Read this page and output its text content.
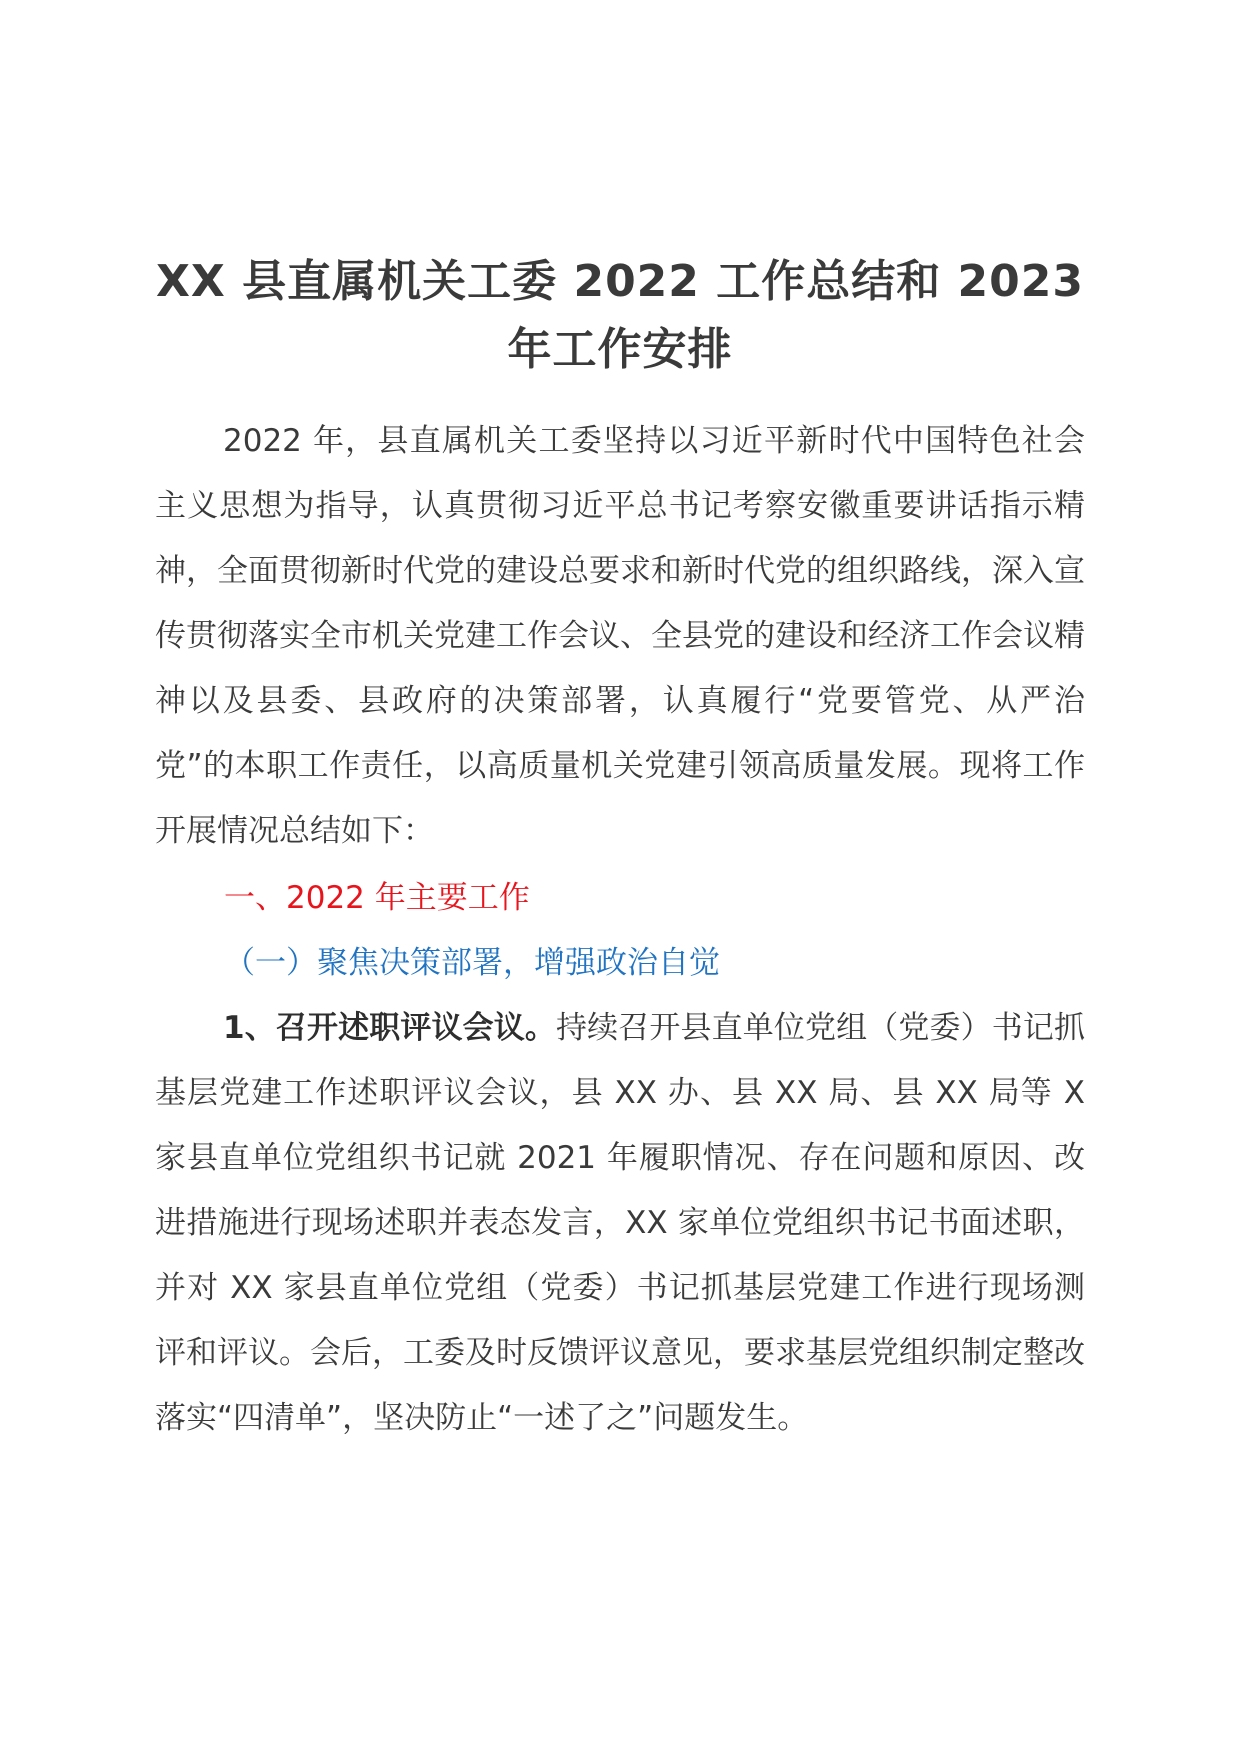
XX 县直属机关工委 2022 工作总结和 2023 年工作安排
2022 年，县直属机关工委坚持以习近平新时代中国特色社会主义思想为指导，认真贯彻习近平总书记考察安徽重要讲话指示精神，全面贯彻新时代党的建设总要求和新时代党的组织路线，深入宣传贯彻落实全市机关党建工作会议、全县党的建设和经济工作会议精神以及县委、县政府的决策部署，认真履行“党要管党、从严治党”的本职工作责任，以高质量机关党建引领高质量发展。现将工作开展情况总结如下：
一、2022 年主要工作
（一）聚焦决策部署，增强政治自觉
1、召开述职评议会议。持续召开县直单位党组（党委）书记抓基层党建工作述职评议会议，县 XX 办、县 XX 局、县 XX 局等 X 家县直单位党组织书记就 2021 年履职情况、存在问题和原因、改进措施进行现场述职并表态发言，XX 家单位党组织书记书面述职，并对 XX 家县直单位党组（党委）书记抓基层党建工作进行现场测评和评议。会后，工委及时反馈评议意见，要求基层党组织制定整改落实“四清单”，坚决防止“一述了之”问题发生。
